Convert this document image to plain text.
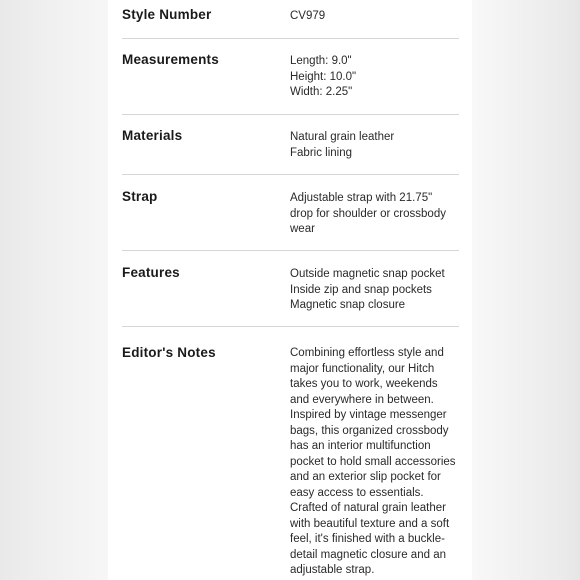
Style Number	CV979
Measurements	Length: 9.0"
Height: 10.0"
Width: 2.25"
Materials	Natural grain leather
Fabric lining
Strap	Adjustable strap with 21.75"
drop for shoulder or crossbody
wear
Features	Outside magnetic snap pocket
Inside zip and snap pockets
Magnetic snap closure
Editor's Notes	Combining effortless style and
major functionality, our Hitch
takes you to work, weekends
and everywhere in between.
Inspired by vintage messenger
bags, this organized crossbody
has an interior multifunction
pocket to hold small accessories
and an exterior slip pocket for
easy access to essentials.
Crafted of natural grain leather
with beautiful texture and a soft
feel, it's finished with a buckle-
detail magnetic closure and an
adjustable strap.
